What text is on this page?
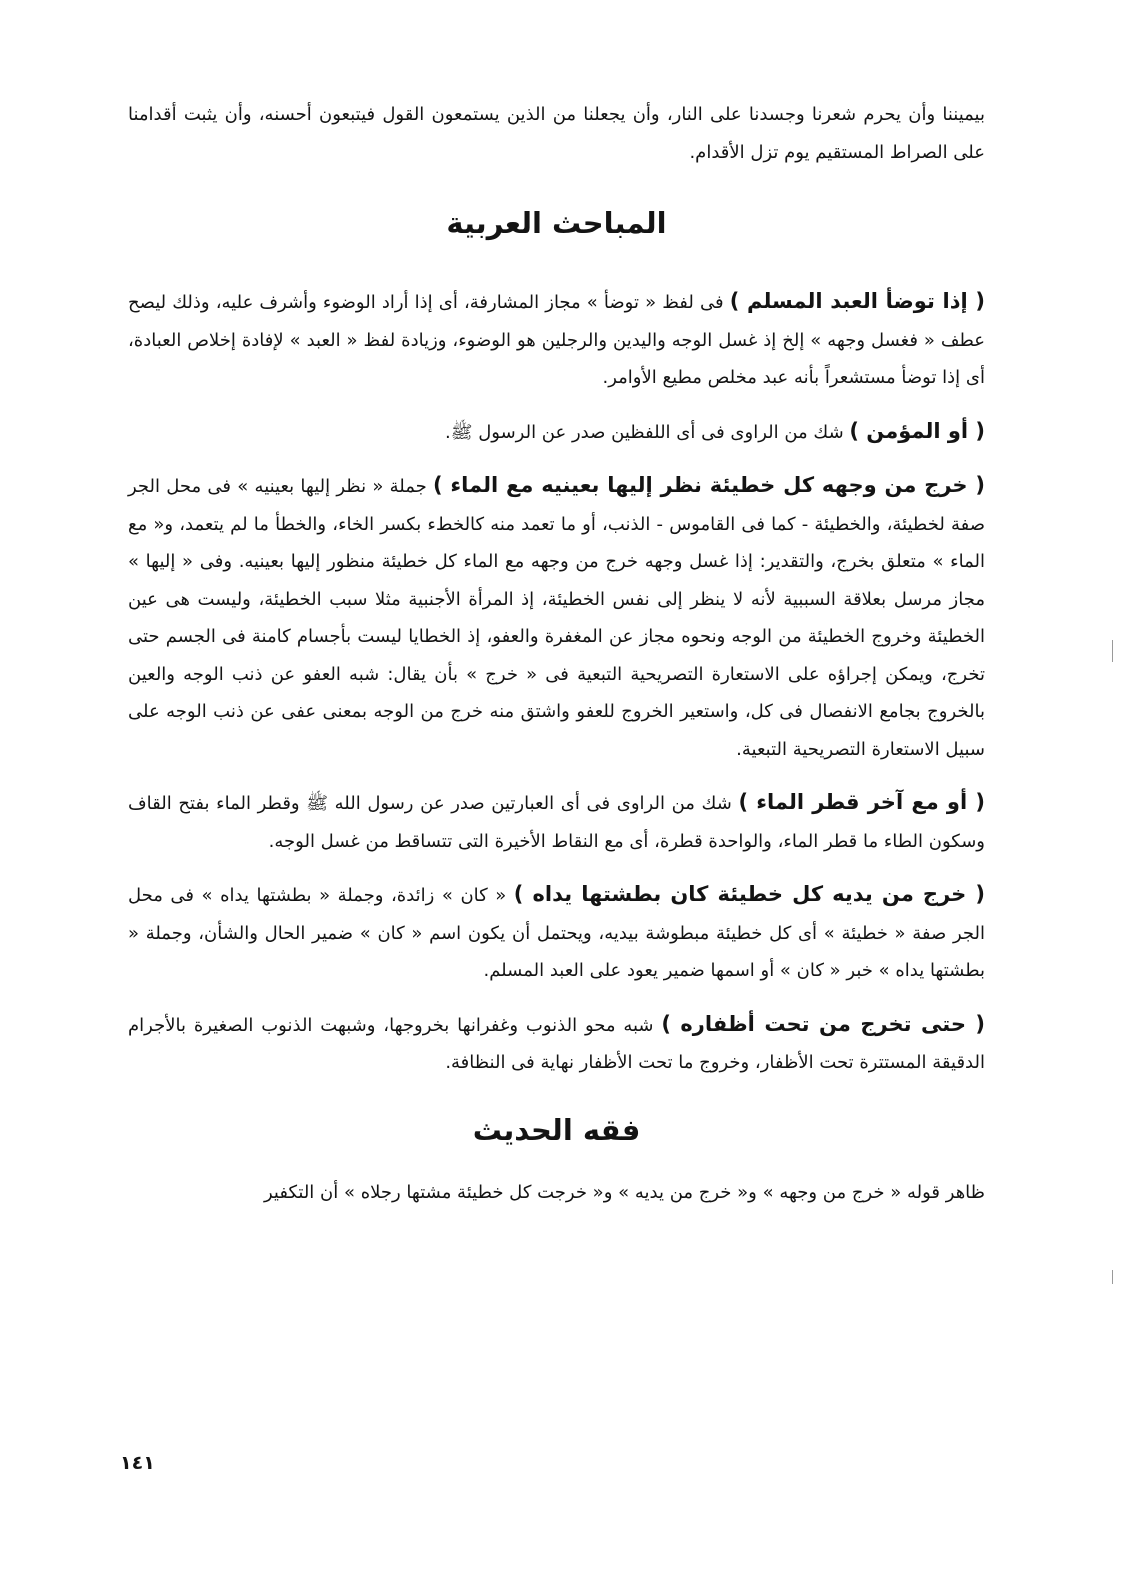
بيميننا وأن يحرم شعرنا وجسدنا على النار، وأن يجعلنا من الذين يستمعون القول فيتبعون أحسنه، وأن يثبت أقدامنا على الصراط المستقيم يوم تزل الأقدام.

المباحث العربية

( إذا توضأ العبد المسلم ) فى لفظ « توضأ » مجاز المشارفة، أى إذا أراد الوضوء وأشرف عليه، وذلك ليصح عطف « فغسل وجهه » إلخ إذ غسل الوجه واليدين والرجلين هو الوضوء، وزيادة لفظ « العبد » لإفادة إخلاص العبادة، أى إذا توضأ مستشعراً بأنه عبد مخلص مطيع الأوامر.

( أو المؤمن ) شك من الراوى فى أى اللفظين صدر عن الرسول ﷺ.

( خرج من وجهه كل خطيئة نظر إليها بعينيه مع الماء ) جملة « نظر إليها بعينيه » فى محل الجر صفة لخطيئة، والخطيئة - كما فى القاموس - الذنب، أو ما تعمد منه كالخطء بكسر الخاء، والخطأ ما لم يتعمد، و« مع الماء » متعلق بخرج، والتقدير: إذا غسل وجهه خرج من وجهه مع الماء كل خطيئة منظور إليها بعينيه. وفى « إليها » مجاز مرسل بعلاقة السببية لأنه لا ينظر إلى نفس الخطيئة، إذ المرأة الأجنبية مثلا سبب الخطيئة، وليست هى عين الخطيئة وخروج الخطيئة من الوجه ونحوه مجاز عن المغفرة والعفو، إذ الخطايا ليست بأجسام كامنة فى الجسم حتى تخرج، ويمكن إجراؤه على الاستعارة التصريحية التبعية فى « خرج » بأن يقال: شبه العفو عن ذنب الوجه والعين بالخروج بجامع الانفصال فى كل، واستعير الخروج للعفو واشتق منه خرج من الوجه بمعنى عفى عن ذنب الوجه على سبيل الاستعارة التصريحية التبعية.

( أو مع آخر قطر الماء ) شك من الراوى فى أى العبارتين صدر عن رسول الله ﷺ وقطر الماء بفتح القاف وسكون الطاء ما قطر الماء، والواحدة قطرة، أى مع النقاط الأخيرة التى تتساقط من غسل الوجه.

( خرج من يديه كل خطيئة كان بطشتها يداه ) « كان » زائدة، وجملة « بطشتها يداه » فى محل الجر صفة « خطيئة » أى كل خطيئة مبطوشة بيديه، ويحتمل أن يكون اسم « كان » ضمير الحال والشأن، وجملة « بطشتها يداه » خبر « كان » أو اسمها ضمير يعود على العبد المسلم.

( حتى تخرج من تحت أظفاره ) شبه محو الذنوب وغفرانها بخروجها، وشبهت الذنوب الصغيرة بالأجرام الدقيقة المستترة تحت الأظفار، وخروج ما تحت الأظفار نهاية فى النظافة.

فقه الحديث

ظاهر قوله « خرج من وجهه » و« خرج من يديه » و« خرجت كل خطيئة مشتها رجلاه » أن التكفير

١٤١
